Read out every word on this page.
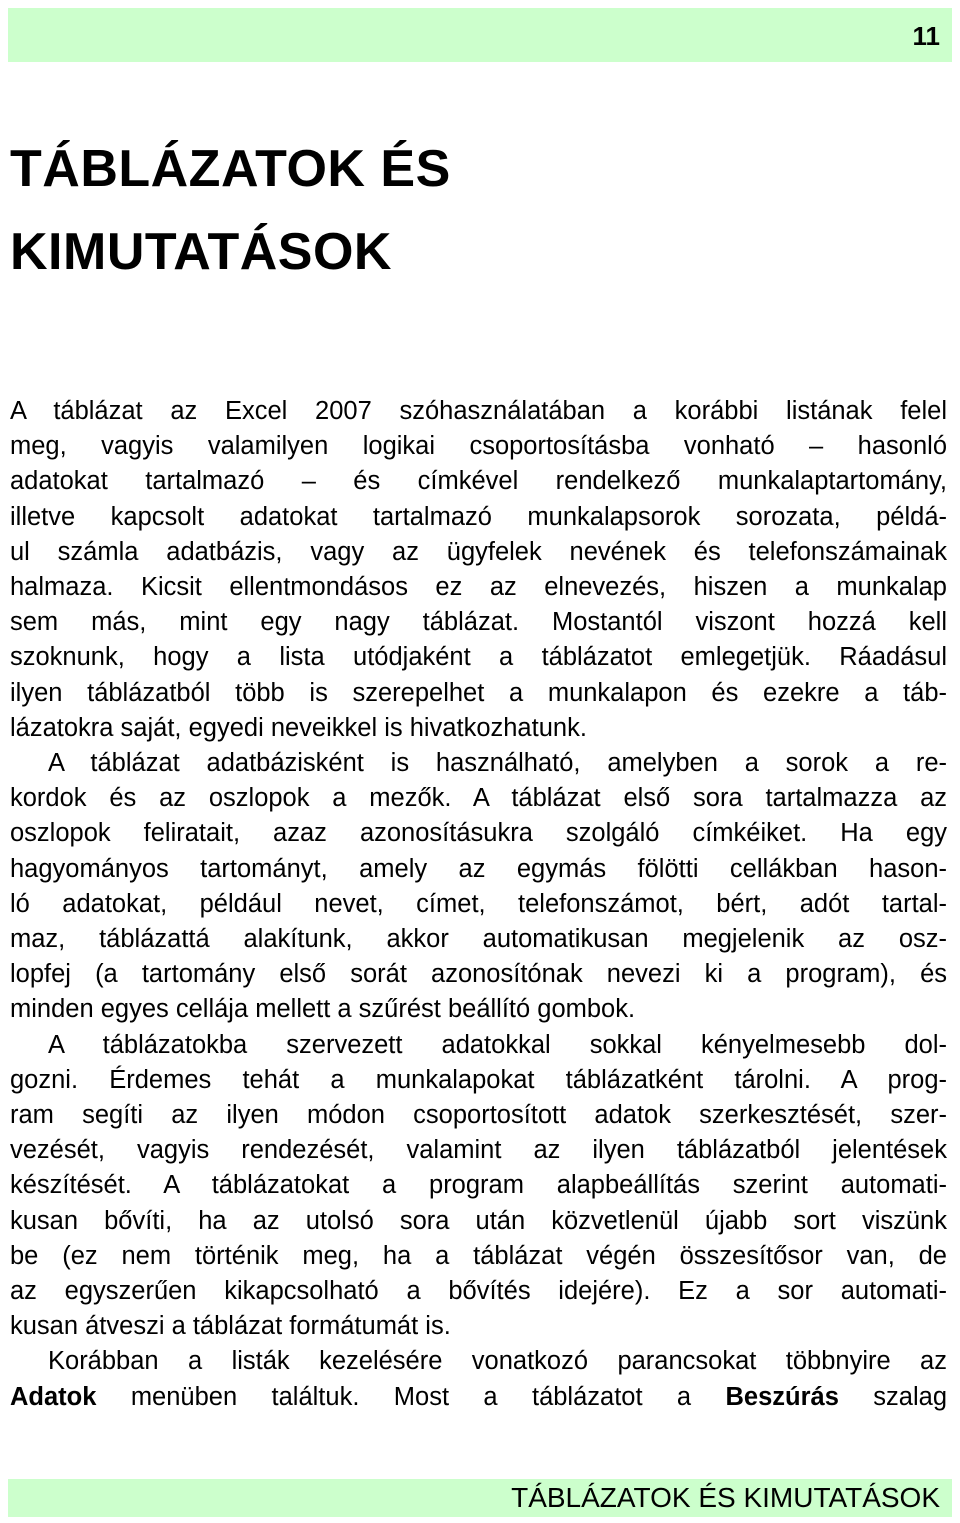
11
TÁBLÁZATOK ÉS
KIMUTATÁSOK

A táblázat az Excel 2007 szóhasználatában a korábbi listának felel
meg, vagyis valamilyen logikai csoportosításba vonható – hasonló
adatokat tartalmazó – és címkével rendelkező munkalaptartomány,
illetve kapcsolt adatokat tartalmazó munkalapsorok sorozata, példá-
ul számla adatbázis, vagy az ügyfelek nevének és telefonszámainak
halmaza. Kicsit ellentmondásos ez az elnevezés, hiszen a munkalap
sem más, mint egy nagy táblázat. Mostantól viszont hozzá kell
szoknunk, hogy a lista utódjaként a táblázatot emlegetjük. Ráadásul
ilyen táblázatból több is szerepelhet a munkalapon és ezekre a táb-
lázatokra saját, egyedi neveikkel is hivatkozhatunk.

A táblázat adatbázisként is használható, amelyben a sorok a re-
kordok és az oszlopok a mezők. A táblázat első sora tartalmazza az
oszlopok feliratait, azaz azonosításukra szolgáló címkéiket. Ha egy
hagyományos tartományt, amely az egymás fölötti cellákban hason-
ló adatokat, például nevet, címet, telefonszámot, bért, adót tartal-
maz, táblázattá alakítunk, akkor automatikusan megjelenik az osz-
lopfej (a tartomány első sorát azonosítónak nevezi ki a program), és
minden egyes cellája mellett a szűrést beállító gombok.

A táblázatokba szervezett adatokkal sokkal kényelmesebb dol-
gozni. Érdemes tehát a munkalapokat táblázatként tárolni. A prog-
ram segíti az ilyen módon csoportosított adatok szerkesztését, szer-
vezését, vagyis rendezését, valamint az ilyen táblázatból jelentések
készítését. A táblázatokat a program alapbeállítás szerint automati-
kusan bővíti, ha az utolsó sora után közvetlenül újabb sort viszünk
be (ez nem történik meg, ha a táblázat végén összesítősor van, de
az egyszerűen kikapcsolható a bővítés idejére). Ez a sor automati-
kusan átveszi a táblázat formátumát is.

Korábban a listák kezelésére vonatkozó parancsokat többnyire az
Adatok menüben találtuk. Most a táblázatot a Beszúrás szalag

TÁBLÁZATOK ÉS KIMUTATÁSOK
